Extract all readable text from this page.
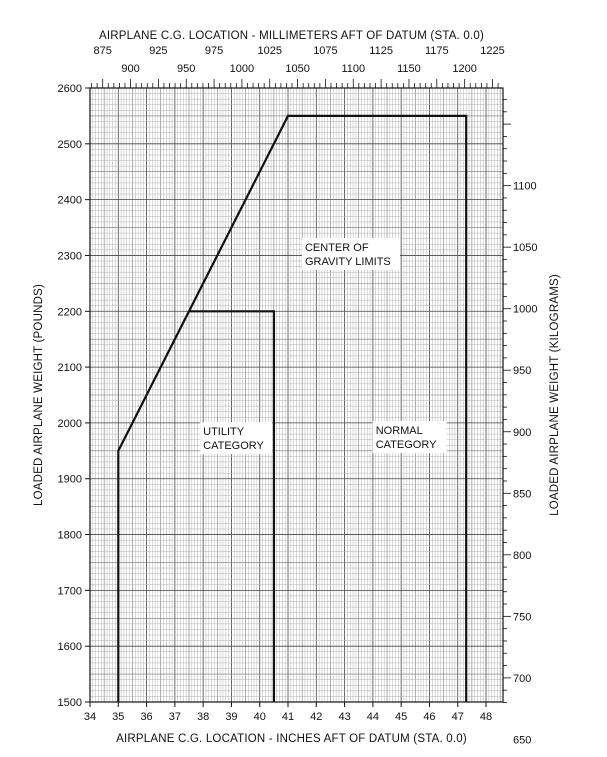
34 35 36 37 38 39 40 41 42 43 44 45 46 47 48
1500
1600
1700
1800
1900
2000
2100
2200
2300
2400
2500
2600
875	925	975	1025	1075	1125	1175	1225
900	950	1000	1050	1100	1150	1200
650
700
750
800
850
900
950
1000
1050
1100
CENTER OF
GRAVITY LIMITS
UTILITY
CATEGORY
NORMAL
CATEGORY
AIRPLANE C.G. LOCATION - MILLIMETERS AFT OF DATUM (STA. 0.0)
AIRPLANE C.G. LOCATION - INCHES AFT OF DATUM (STA. 0.0)
LOADED AIRPLANE WEIGHT (POUNDS)	LOADED AIRPLANE WEIGHT (KILOGRAMS)
